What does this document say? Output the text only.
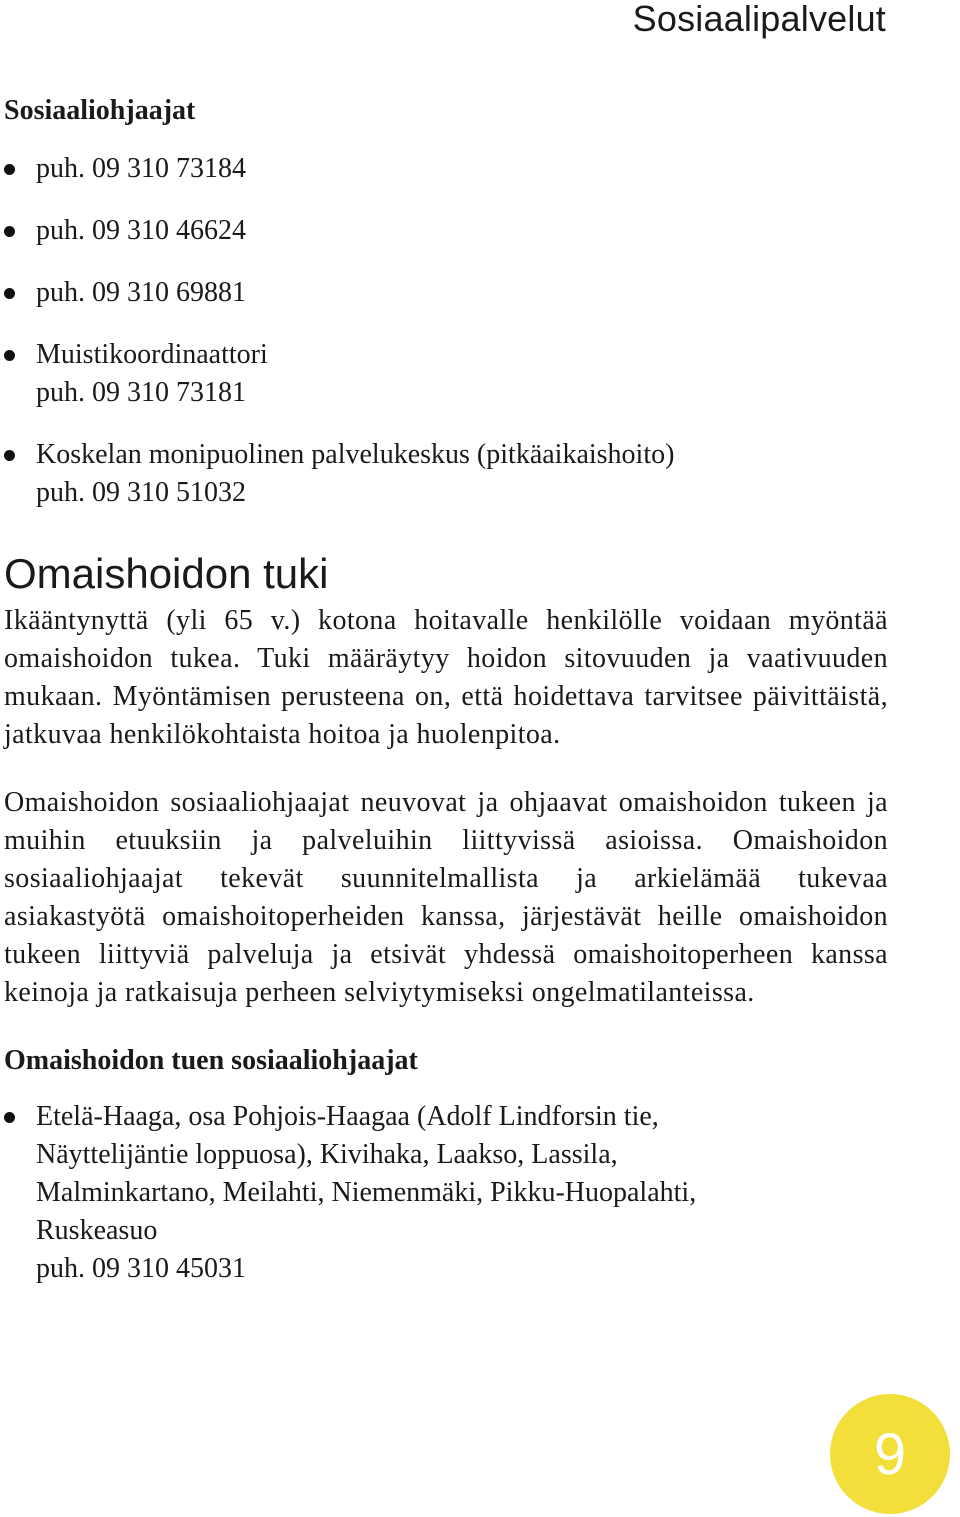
Sosiaalipalvelut
Sosiaaliohjaajat
puh. 09 310 73184
puh. 09 310 46624
puh. 09 310 69881
Muistikoordinaattori
puh. 09 310 73181
Koskelan monipuolinen palvelukeskus (pitkäaikaishoito)
puh. 09 310 51032
Omaishoidon tuki

Ikääntynyttä (yli 65 v.) kotona hoitavalle henkilölle voidaan myöntää omaishoidon tukea. Tuki määräytyy hoidon sitovuuden ja vaativuuden mukaan. Myöntämisen perusteena on, että hoidettava tarvitsee päivittäistä, jatkuvaa henkilökohtaista hoitoa ja huolenpitoa.

Omaishoidon sosiaaliohjaajat neuvovat ja ohjaavat omaishoidon tukeen ja muihin etuuksiin ja palveluihin liittyvissä asioissa. Omaishoidon sosiaaliohjaajat tekevät suunnitelmallista ja arkielämää tukevaa asiakastyötä omaishoitoperheiden kanssa, järjestävät heille omaishoidon tukeen liittyviä palveluja ja etsivät yhdessä omaishoitoperheen kanssa keinoja ja ratkaisuja perheen selviytymiseksi ongelmatilanteissa.

Omaishoidon tuen sosiaaliohjaajat
Etelä-Haaga, osa Pohjois-Haagaa (Adolf Lindforsin tie,
Näyttelijäntie loppuosa), Kivihaka, Laakso, Lassila,
Malminkartano, Meilahti, Niemenmäki, Pikku-Huopalahti,
Ruskeasuo
puh. 09 310 45031
9
